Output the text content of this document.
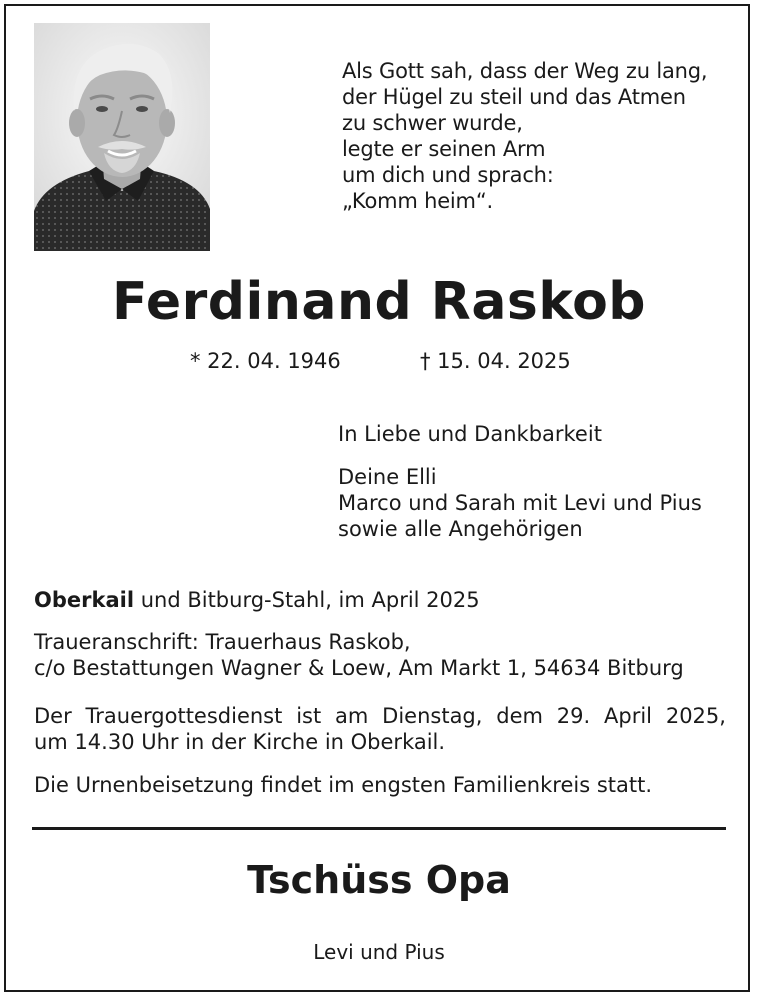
Als Gott sah, dass der Weg zu lang,
der Hügel zu steil und das Atmen
zu schwer wurde,
legte er seinen Arm
um dich und sprach:
„Komm heim“.
Ferdinand Raskob
* 22. 04. 1946	† 15. 04. 2025
In Liebe und Dankbarkeit
Deine Elli
Marco und Sarah mit Levi und Pius
sowie alle Angehörigen
Oberkail und Bitburg-Stahl, im April 2025
Traueranschrift: Trauerhaus Raskob,
c/o Bestattungen Wagner & Loew, Am Markt 1, 54634 Bitburg
Der Trauergottesdienst ist am Dienstag, dem 29. April 2025,
um 14.30 Uhr in der Kirche in Oberkail.
Die Urnenbeisetzung findet im engsten Familienkreis statt.
Tschüss Opa
Levi und Pius
